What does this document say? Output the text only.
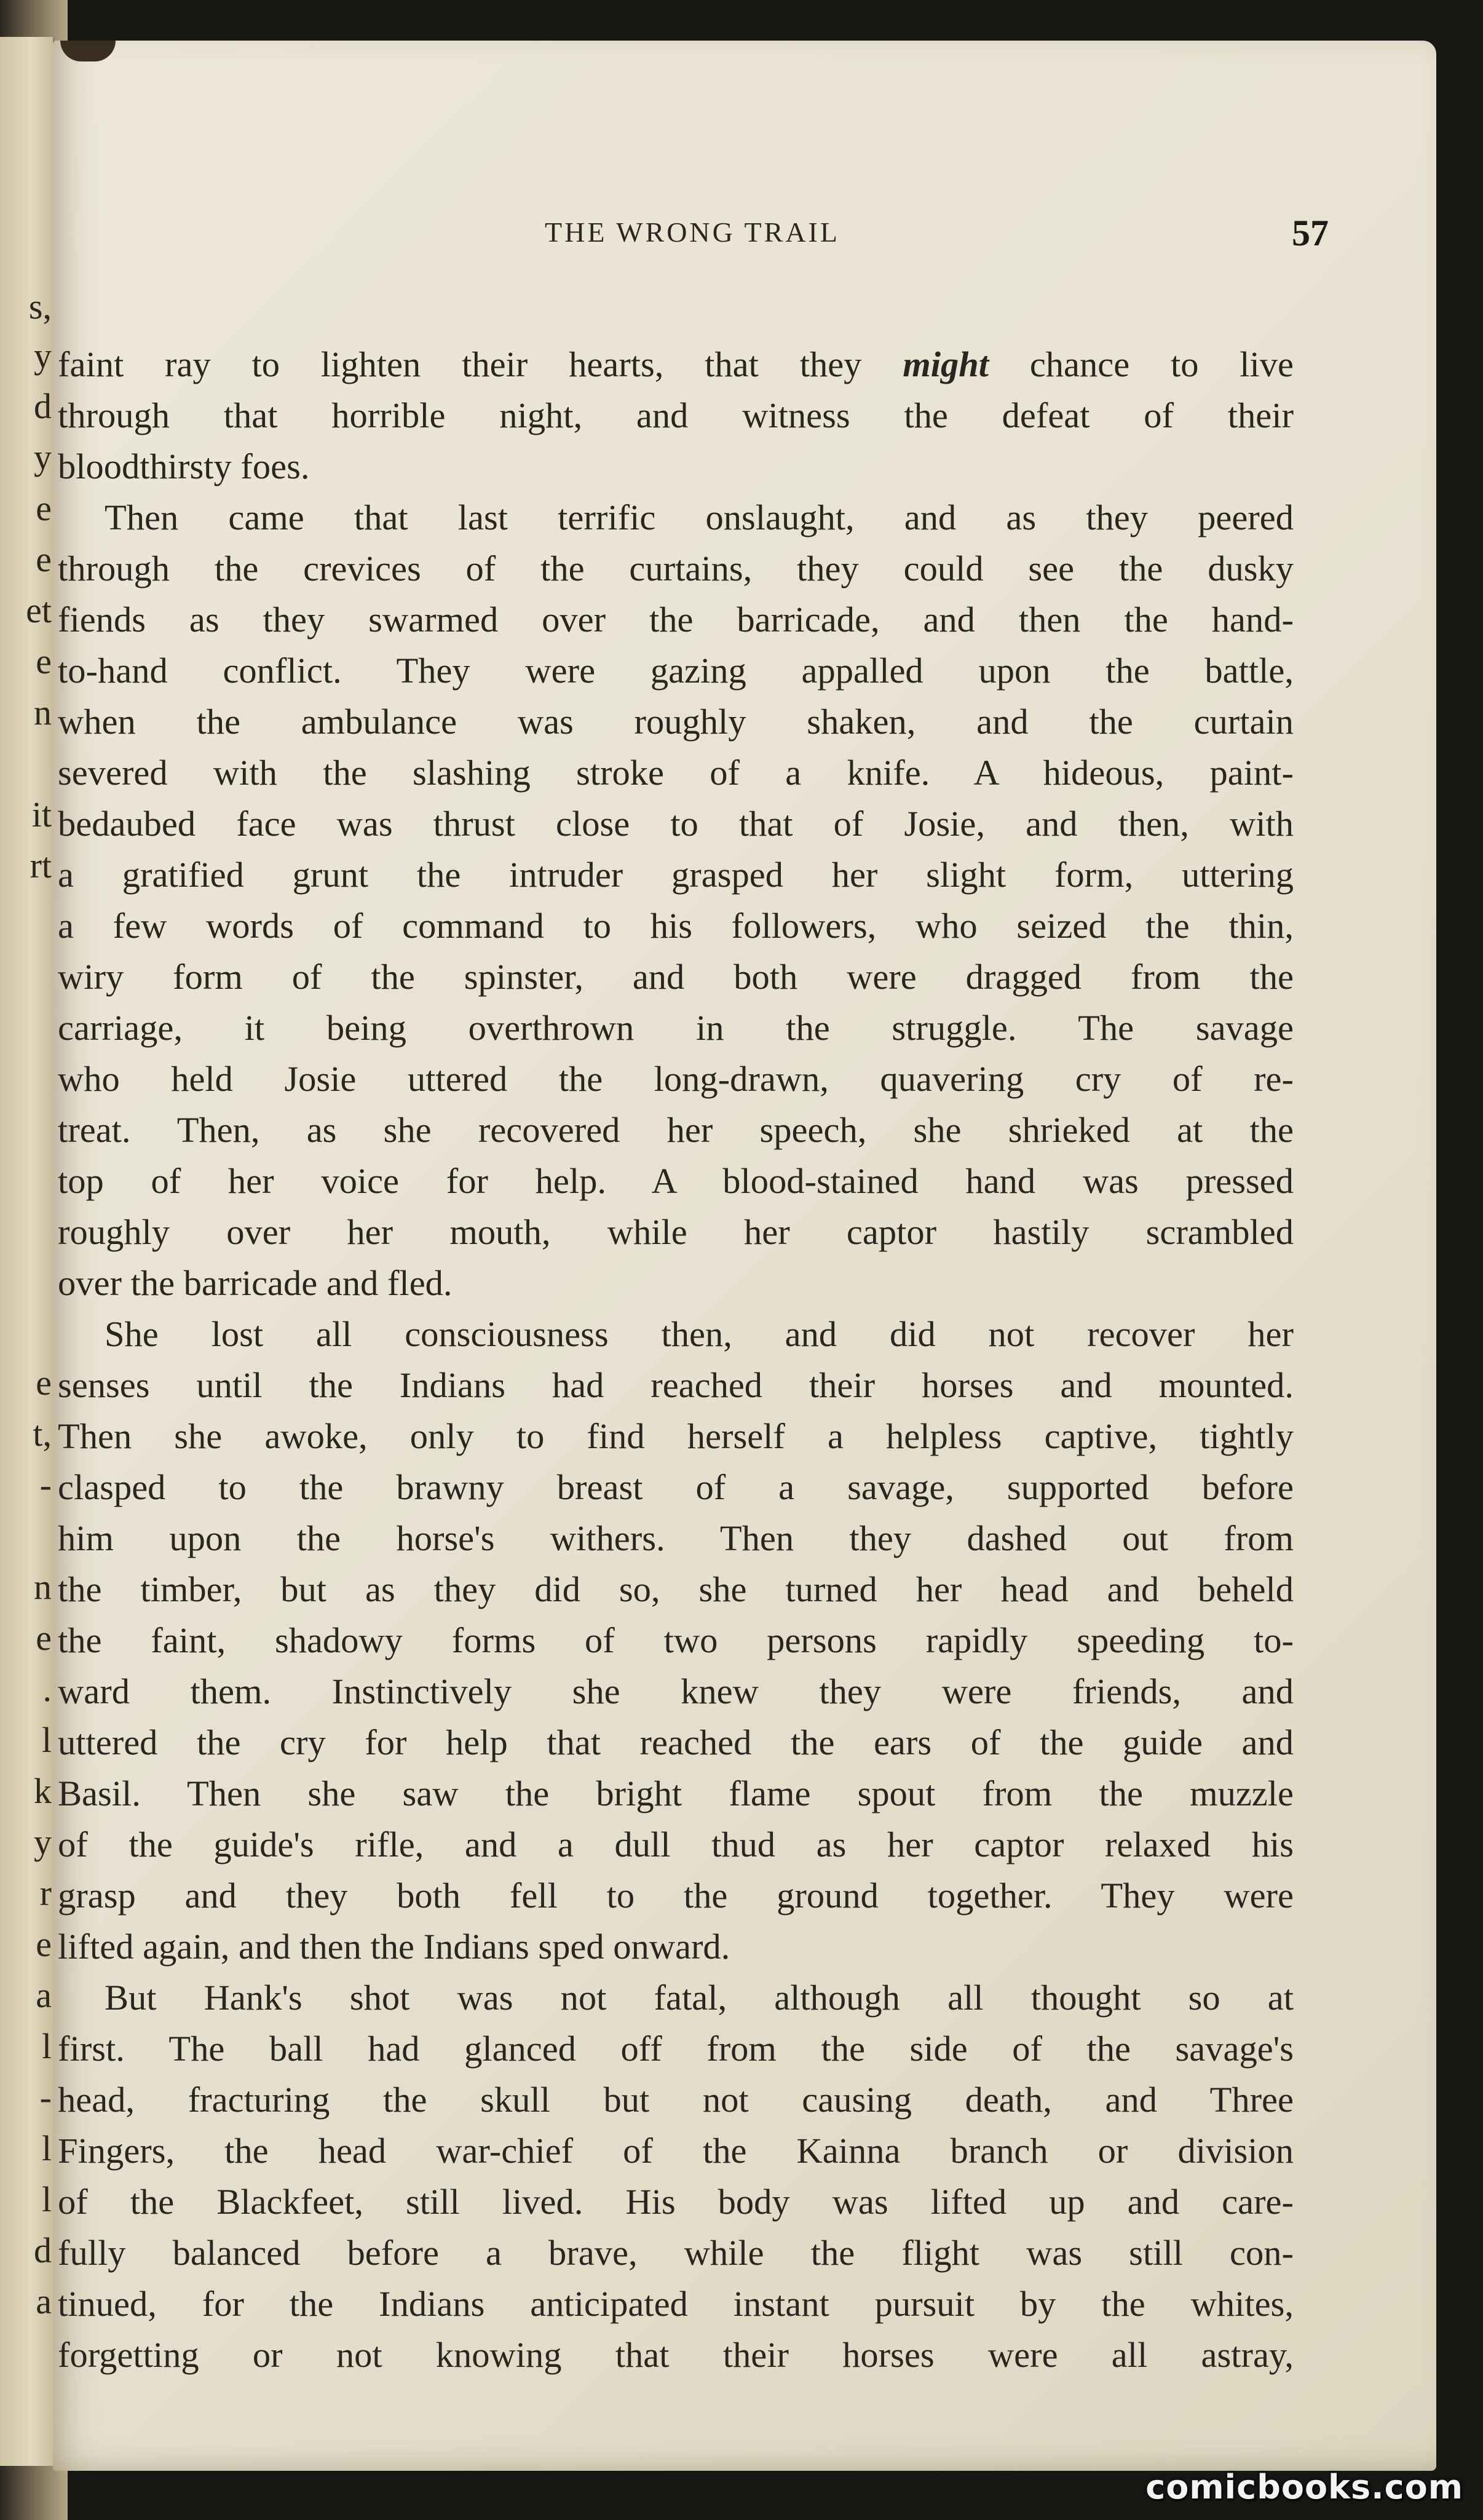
s,
y
d
y
e
e
et
e
n
it
rt
e
t,
-
n
e
.
l
k
y
r
e
a
l
-
l
l
d
a
THE WRONG TRAIL	57
faint ray to lighten their hearts, that they might chance to live
through that horrible night, and witness the defeat of their
bloodthirsty foes.
Then came that last terrific onslaught, and as they peered
through the crevices of the curtains, they could see the dusky
fiends as they swarmed over the barricade, and then the hand-
to-hand conflict. They were gazing appalled upon the battle,
when the ambulance was roughly shaken, and the curtain
severed with the slashing stroke of a knife. A hideous, paint-
bedaubed face was thrust close to that of Josie, and then, with
a gratified grunt the intruder grasped her slight form, uttering
a few words of command to his followers, who seized the thin,
wiry form of the spinster, and both were dragged from the
carriage, it being overthrown in the struggle. The savage
who held Josie uttered the long-drawn, quavering cry of re-
treat. Then, as she recovered her speech, she shrieked at the
top of her voice for help. A blood-stained hand was pressed
roughly over her mouth, while her captor hastily scrambled
over the barricade and fled.
She lost all consciousness then, and did not recover her
senses until the Indians had reached their horses and mounted.
Then she awoke, only to find herself a helpless captive, tightly
clasped to the brawny breast of a savage, supported before
him upon the horse's withers. Then they dashed out from
the timber, but as they did so, she turned her head and beheld
the faint, shadowy forms of two persons rapidly speeding to-
ward them. Instinctively she knew they were friends, and
uttered the cry for help that reached the ears of the guide and
Basil. Then she saw the bright flame spout from the muzzle
of the guide's rifle, and a dull thud as her captor relaxed his
grasp and they both fell to the ground together. They were
lifted again, and then the Indians sped onward.
But Hank's shot was not fatal, although all thought so at
first. The ball had glanced off from the side of the savage's
head, fracturing the skull but not causing death, and Three
Fingers, the head war-chief of the Kainna branch or division
of the Blackfeet, still lived. His body was lifted up and care-
fully balanced before a brave, while the flight was still con-
tinued, for the Indians anticipated instant pursuit by the whites,
forgetting or not knowing that their horses were all astray,
comicbooks.com
